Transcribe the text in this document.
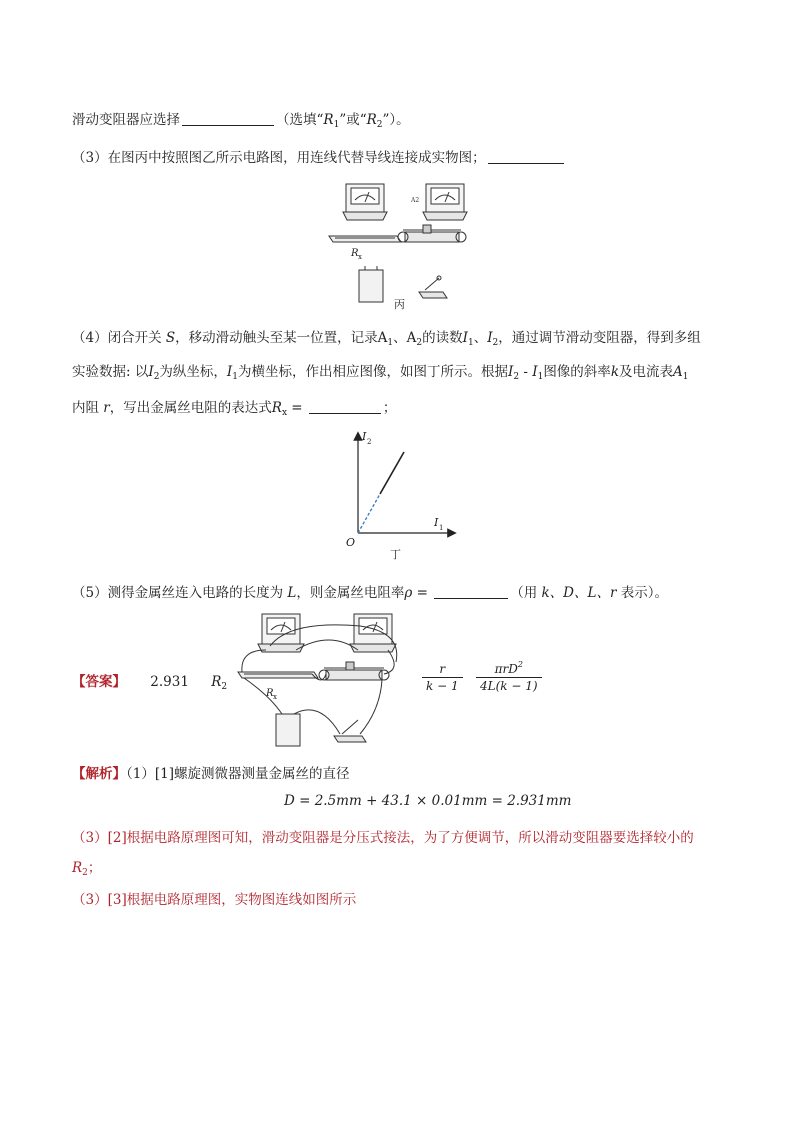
滑动变阻器应选择	（选填“$R_1$”或“$R_2$”）。
（3）在图丙中按照图乙所示电路图，用连线代替导线连接成实物图；
A2
R x
丙
（4）闭合开关 S，移动滑动触头至某一位置，记录$A_1$、$A_2$的读数$I_1$、$I_2$，通过调节滑动变阻器，得到多组
实验数据: 以$I_2$为纵坐标，$I_1$为横坐标，作出相应图像，如图丁所示。根据$I_2 - I_1$图像的斜率k及电流表$A_1$
内阻 r，写出金属丝电阻的表达式$R_x$ =	；
I 2
I 1
O
丁
（5）测得金属丝连入电路的长度为 L，则金属丝电阻率ρ =	（用 k、D、L、r 表示）。
【答案】 2.931 $R_2$
R x
$\frac{r}{k - 1} \frac{\pi rD^2}{4L(k - 1)}$
【解析】（1）[1]螺旋测微器测量金属丝的直径
D = 2.5mm + 43.1 × 0.01mm = 2.931mm
（3）[2]根据电路原理图可知，滑动变阻器是分压式接法，为了方便调节，所以滑动变阻器要选择较小的
$R_2$；
（3）[3]根据电路原理图，实物图连线如图所示
